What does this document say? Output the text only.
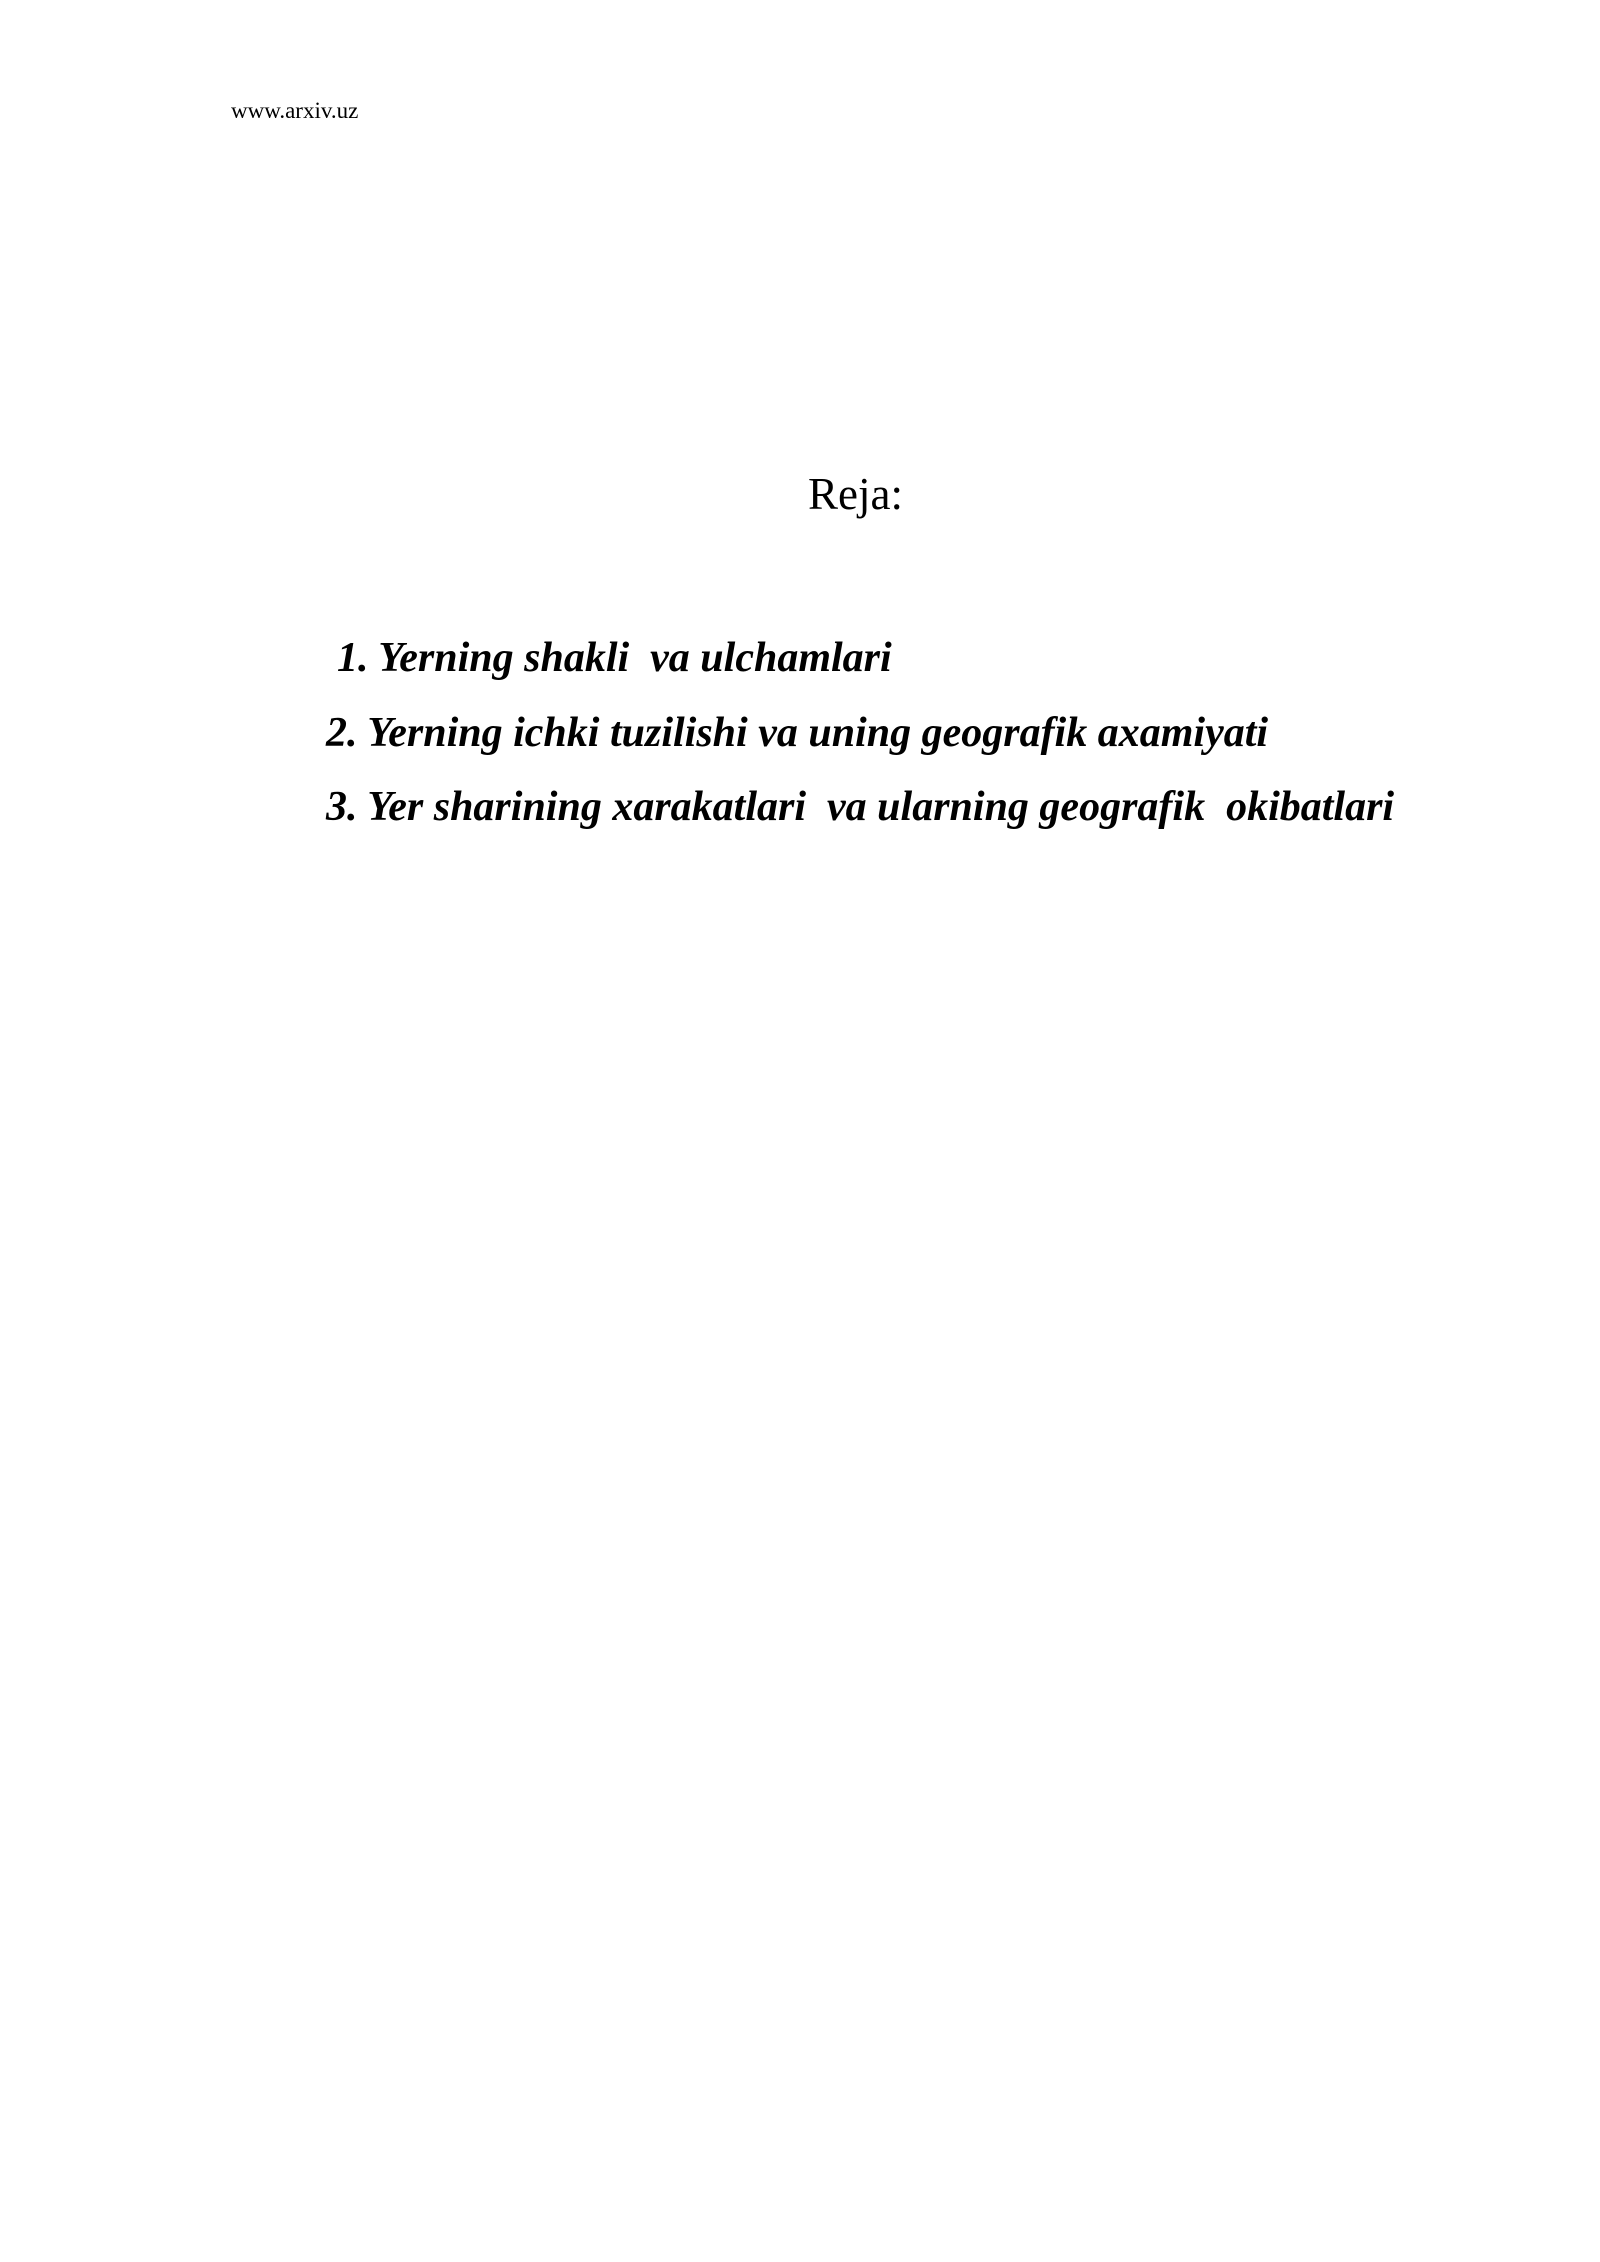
www.arxiv.uz
Reja:
1. Yerning shakli  va ulchamlari
2. Yerning ichki tuzilishi va uning geografik axamiyati
3. Yer sharining xarakatlari  va ularning geografik  okibatlari
